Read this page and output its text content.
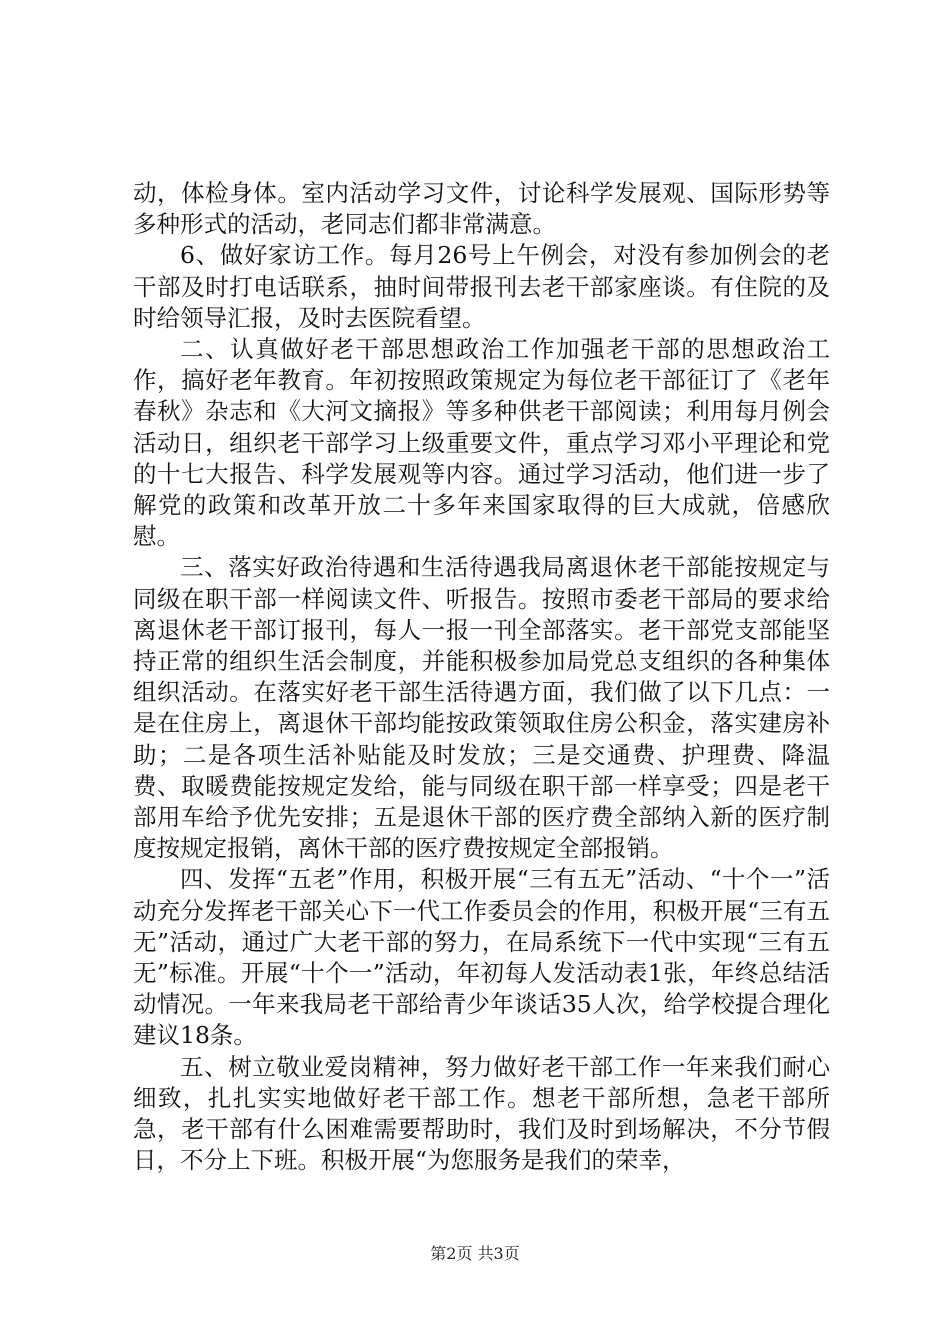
动，体检身体。室内活动学习文件，讨论科学发展观、国际形势等多种形式的活动，老同志们都非常满意。

6、做好家访工作。每月26号上午例会，对没有参加例会的老干部及时打电话联系，抽时间带报刊去老干部家座谈。有住院的及时给领导汇报，及时去医院看望。

二、认真做好老干部思想政治工作加强老干部的思想政治工作，搞好老年教育。年初按照政策规定为每位老干部征订了《老年春秋》杂志和《大河文摘报》等多种供老干部阅读；利用每月例会活动日，组织老干部学习上级重要文件，重点学习邓小平理论和党的十七大报告、科学发展观等内容。通过学习活动，他们进一步了解党的政策和改革开放二十多年来国家取得的巨大成就，倍感欣慰。

三、落实好政治待遇和生活待遇我局离退休老干部能按规定与同级在职干部一样阅读文件、听报告。按照市委老干部局的要求给离退休老干部订报刊，每人一报一刊全部落实。老干部党支部能坚持正常的组织生活会制度，并能积极参加局党总支组织的各种集体组织活动。在落实好老干部生活待遇方面，我们做了以下几点：一是在住房上，离退休干部均能按政策领取住房公积金，落实建房补助；二是各项生活补贴能及时发放；三是交通费、护理费、降温费、取暖费能按规定发给，能与同级在职干部一样享受；四是老干部用车给予优先安排；五是退休干部的医疗费全部纳入新的医疗制度按规定报销，离休干部的医疗费按规定全部报销。

四、发挥“五老”作用，积极开展“三有五无”活动、“十个一”活动充分发挥老干部关心下一代工作委员会的作用，积极开展“三有五无”活动，通过广大老干部的努力，在局系统下一代中实现“三有五无”标准。开展“十个一”活动，年初每人发活动表1张，年终总结活动情况。一年来我局老干部给青少年谈话35人次，给学校提合理化建议18条。

五、树立敬业爱岗精神，努力做好老干部工作一年来我们耐心细致，扎扎实实地做好老干部工作。想老干部所想，急老干部所急，老干部有什么困难需要帮助时，我们及时到场解决，不分节假日，不分上下班。积极开展“为您服务是我们的荣幸，

第2页 共3页
